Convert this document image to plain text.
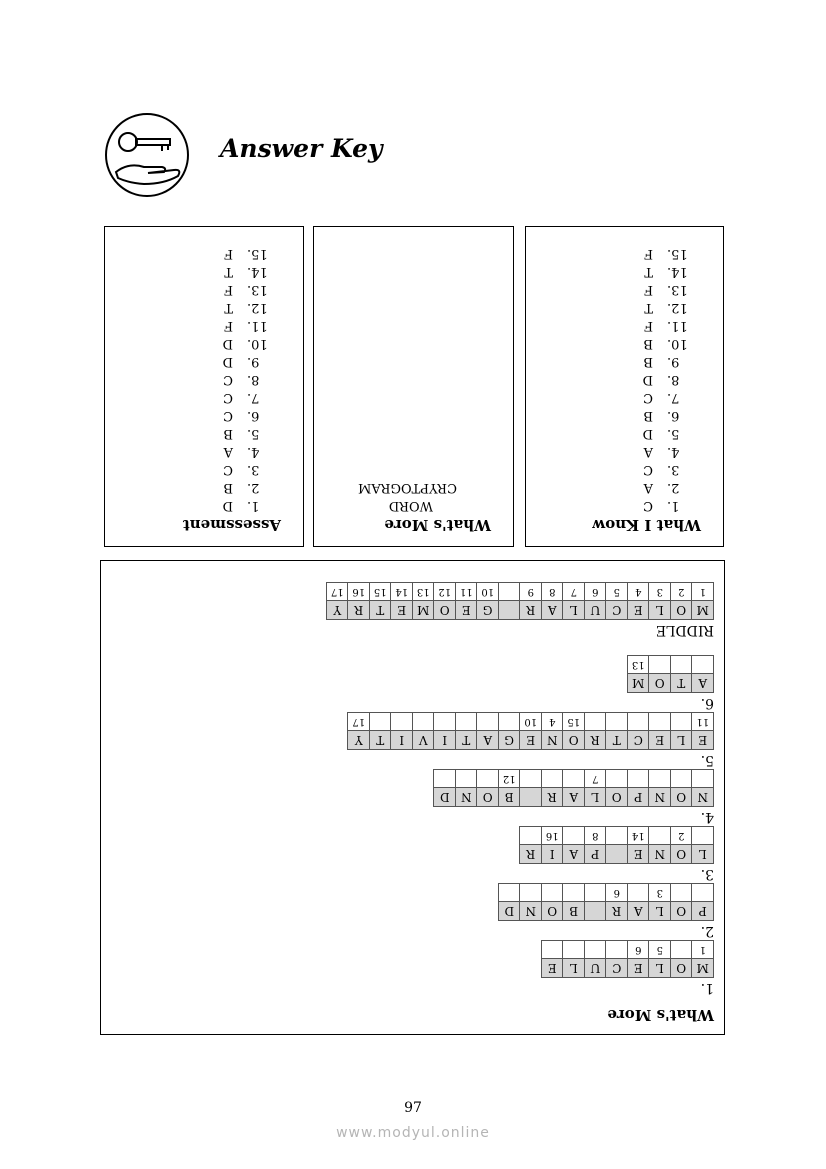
Answer Key
What I Know
1.
C
2.
A
3.
C
4.
A
5.
D
6.
B
7.
C
8.
D
9.
B
10.
B
11.
F
12.
T
13.
F
14.
T
15.
F
What's More
WORD
CRYPTOGRAM
Assessment
1.
D
2.
B
3.
C
4.
A
5.
B
6.
C
7.
C
8.
C
9.
D
10.
D
11.
F
12.
T
13.
F
14.
T
15.
F
What's More
1.
M
1
O
L
5
E
6
C
U
L
E
2.
P
O
L
3
A
R
6
B
O
N
D
3.
L
O
2
N
E
14
P
8
A
I
16
R
4.
N
O
N
P
O
L
7
A
R
B
12
O
N
D
5.
E
11
L
E
C
T
R
O
15
N
4
E
10
G
A
T
I
V
I
T
Y
17
6.
A
T
O
M
13
RIDDLE
M
1
O
2
L
3
E
4
C
5
U
6
L
7
A
8
R
9
G
10
E
11
O
12
M
13
E
14
T
15
R
16
Y
17
97
www.modyul.online
